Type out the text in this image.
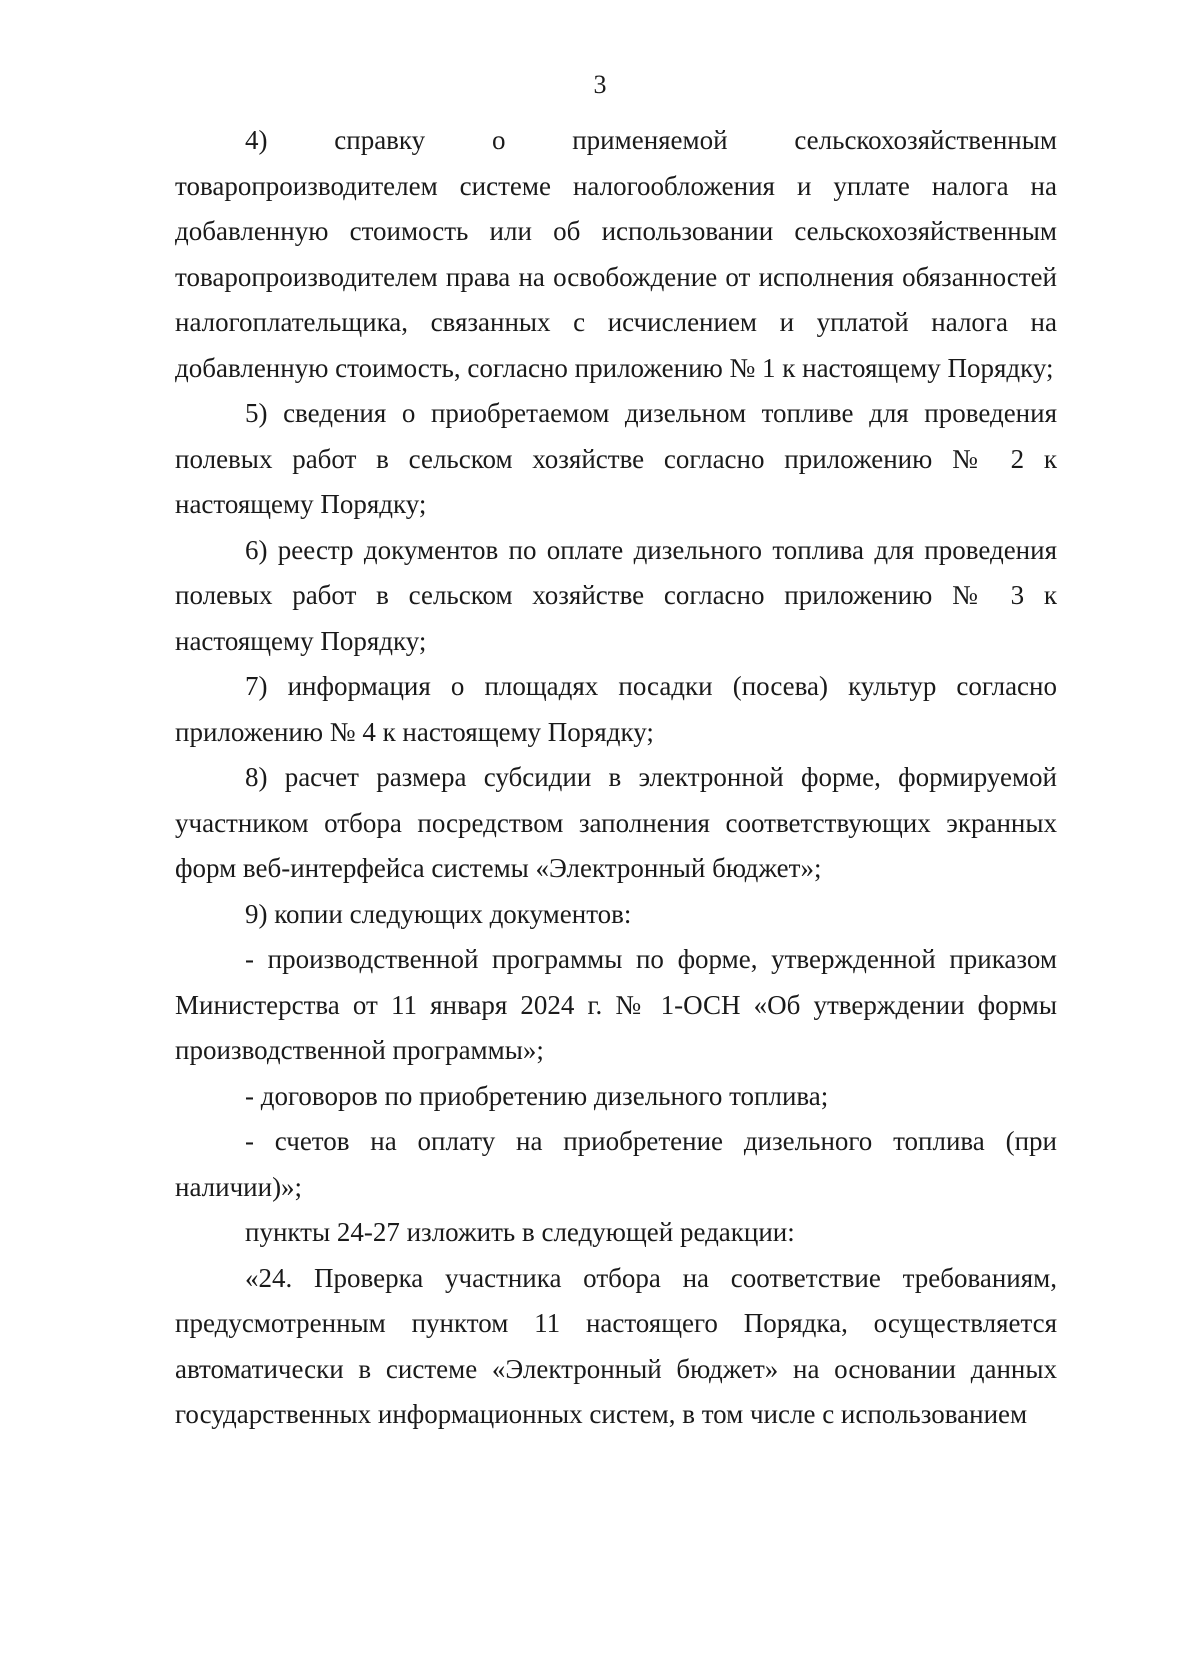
3

4) справку о применяемой сельскохозяйственным товаропроизводителем системе налогообложения и уплате налога на добавленную стоимость или об использовании сельскохозяйственным товаропроизводителем права на освобождение от исполнения обязанностей налогоплательщика, связанных с исчислением и уплатой налога на добавленную стоимость, согласно приложению № 1 к настоящему Порядку;

5) сведения о приобретаемом дизельном топливе для проведения полевых работ в сельском хозяйстве согласно приложению № 2 к настоящему Порядку;

6) реестр документов по оплате дизельного топлива для проведения полевых работ в сельском хозяйстве согласно приложению № 3 к настоящему Порядку;

7) информация о площадях посадки (посева) культур согласно приложению № 4 к настоящему Порядку;

8) расчет размера субсидии в электронной форме, формируемой участником отбора посредством заполнения соответствующих экранных форм веб-интерфейса системы «Электронный бюджет»;

9) копии следующих документов:

- производственной программы по форме, утвержденной приказом Министерства от 11 января 2024 г. № 1-ОСН «Об утверждении формы производственной программы»;

- договоров по приобретению дизельного топлива;

- счетов на оплату на приобретение дизельного топлива (при наличии)»;

пункты 24-27 изложить в следующей редакции:

«24. Проверка участника отбора на соответствие требованиям, предусмотренным пунктом 11 настоящего Порядка, осуществляется автоматически в системе «Электронный бюджет» на основании данных государственных информационных систем, в том числе с использованием
